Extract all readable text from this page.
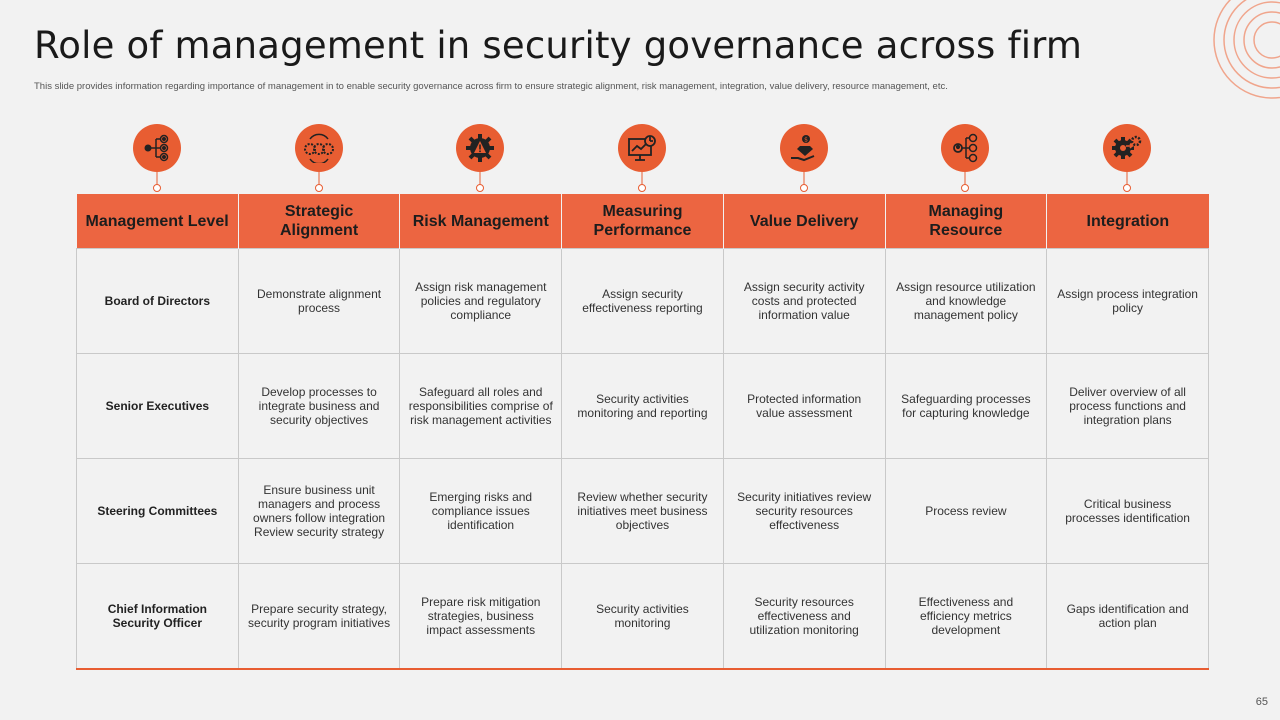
Role of management in security governance across firm
This slide provides information regarding importance of management in to enable security governance across firm to ensure strategic alignment, risk management, integration, value delivery, resource management, etc.
$
Management Level	Strategic Alignment	Risk Management	Measuring Performance	Value Delivery	Managing Resource	Integration
Board of Directors	Demonstrate alignment process	Assign risk management policies and regulatory compliance	Assign security effectiveness reporting	Assign security activity costs and protected information value	Assign resource utilization and knowledge management policy	Assign process integration policy
Senior Executives	Develop processes to integrate business and security objectives	Safeguard all roles and responsibilities comprise of risk management activities	Security activities monitoring and reporting	Protected information value assessment	Safeguarding processes for capturing knowledge	Deliver overview of all process functions and integration plans
Steering Committees	Ensure business unit managers and process owners follow integration Review security strategy	Emerging risks and compliance issues identification	Review whether security initiatives meet business objectives	Security initiatives review security resources effectiveness	Process review	Critical business processes identification
Chief Information Security Officer	Prepare security strategy, security program initiatives	Prepare risk mitigation strategies, business impact assessments	Security activities monitoring	Security resources effectiveness and utilization monitoring	Effectiveness and efficiency metrics development	Gaps identification and action plan
65
